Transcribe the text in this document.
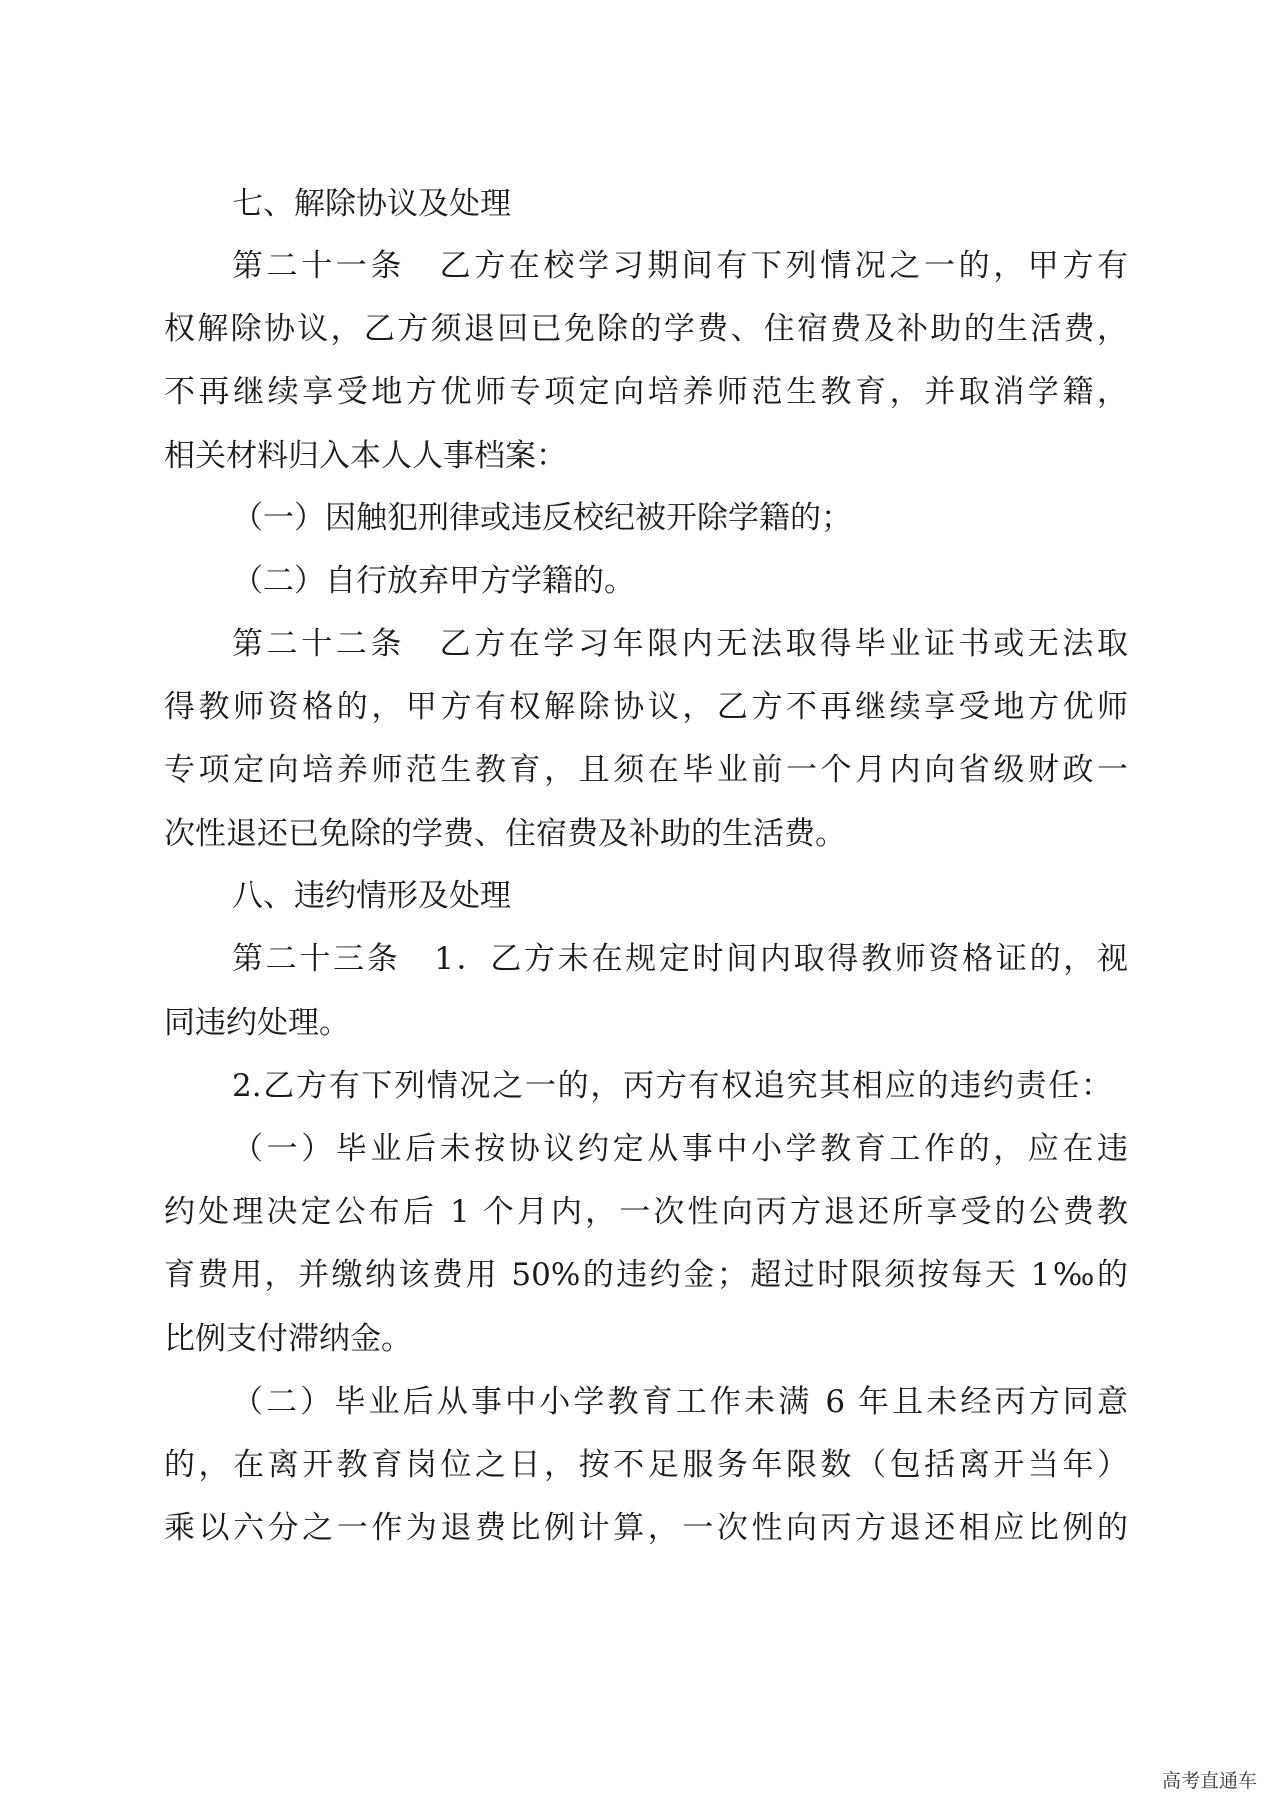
七、解除协议及处理
第二十一条　乙方在校学习期间有下列情况之一的，甲方有
权解除协议，乙方须退回已免除的学费、住宿费及补助的生活费，
不再继续享受地方优师专项定向培养师范生教育，并取消学籍，
相关材料归入本人人事档案：
（一）因触犯刑律或违反校纪被开除学籍的；
（二）自行放弃甲方学籍的。
第二十二条　乙方在学习年限内无法取得毕业证书或无法取
得教师资格的，甲方有权解除协议，乙方不再继续享受地方优师
专项定向培养师范生教育，且须在毕业前一个月内向省级财政一
次性退还已免除的学费、住宿费及补助的生活费。
八、违约情形及处理
第二十三条　1．乙方未在规定时间内取得教师资格证的，视
同违约处理。
2.乙方有下列情况之一的，丙方有权追究其相应的违约责任：
（一）毕业后未按协议约定从事中小学教育工作的，应在违
约处理决定公布后 1 个月内，一次性向丙方退还所享受的公费教
育费用，并缴纳该费用 50%的违约金；超过时限须按每天 1‰的
比例支付滞纳金。
（二）毕业后从事中小学教育工作未满 6 年且未经丙方同意
的，在离开教育岗位之日，按不足服务年限数（包括离开当年）
乘以六分之一作为退费比例计算，一次性向丙方退还相应比例的
高考直通车
